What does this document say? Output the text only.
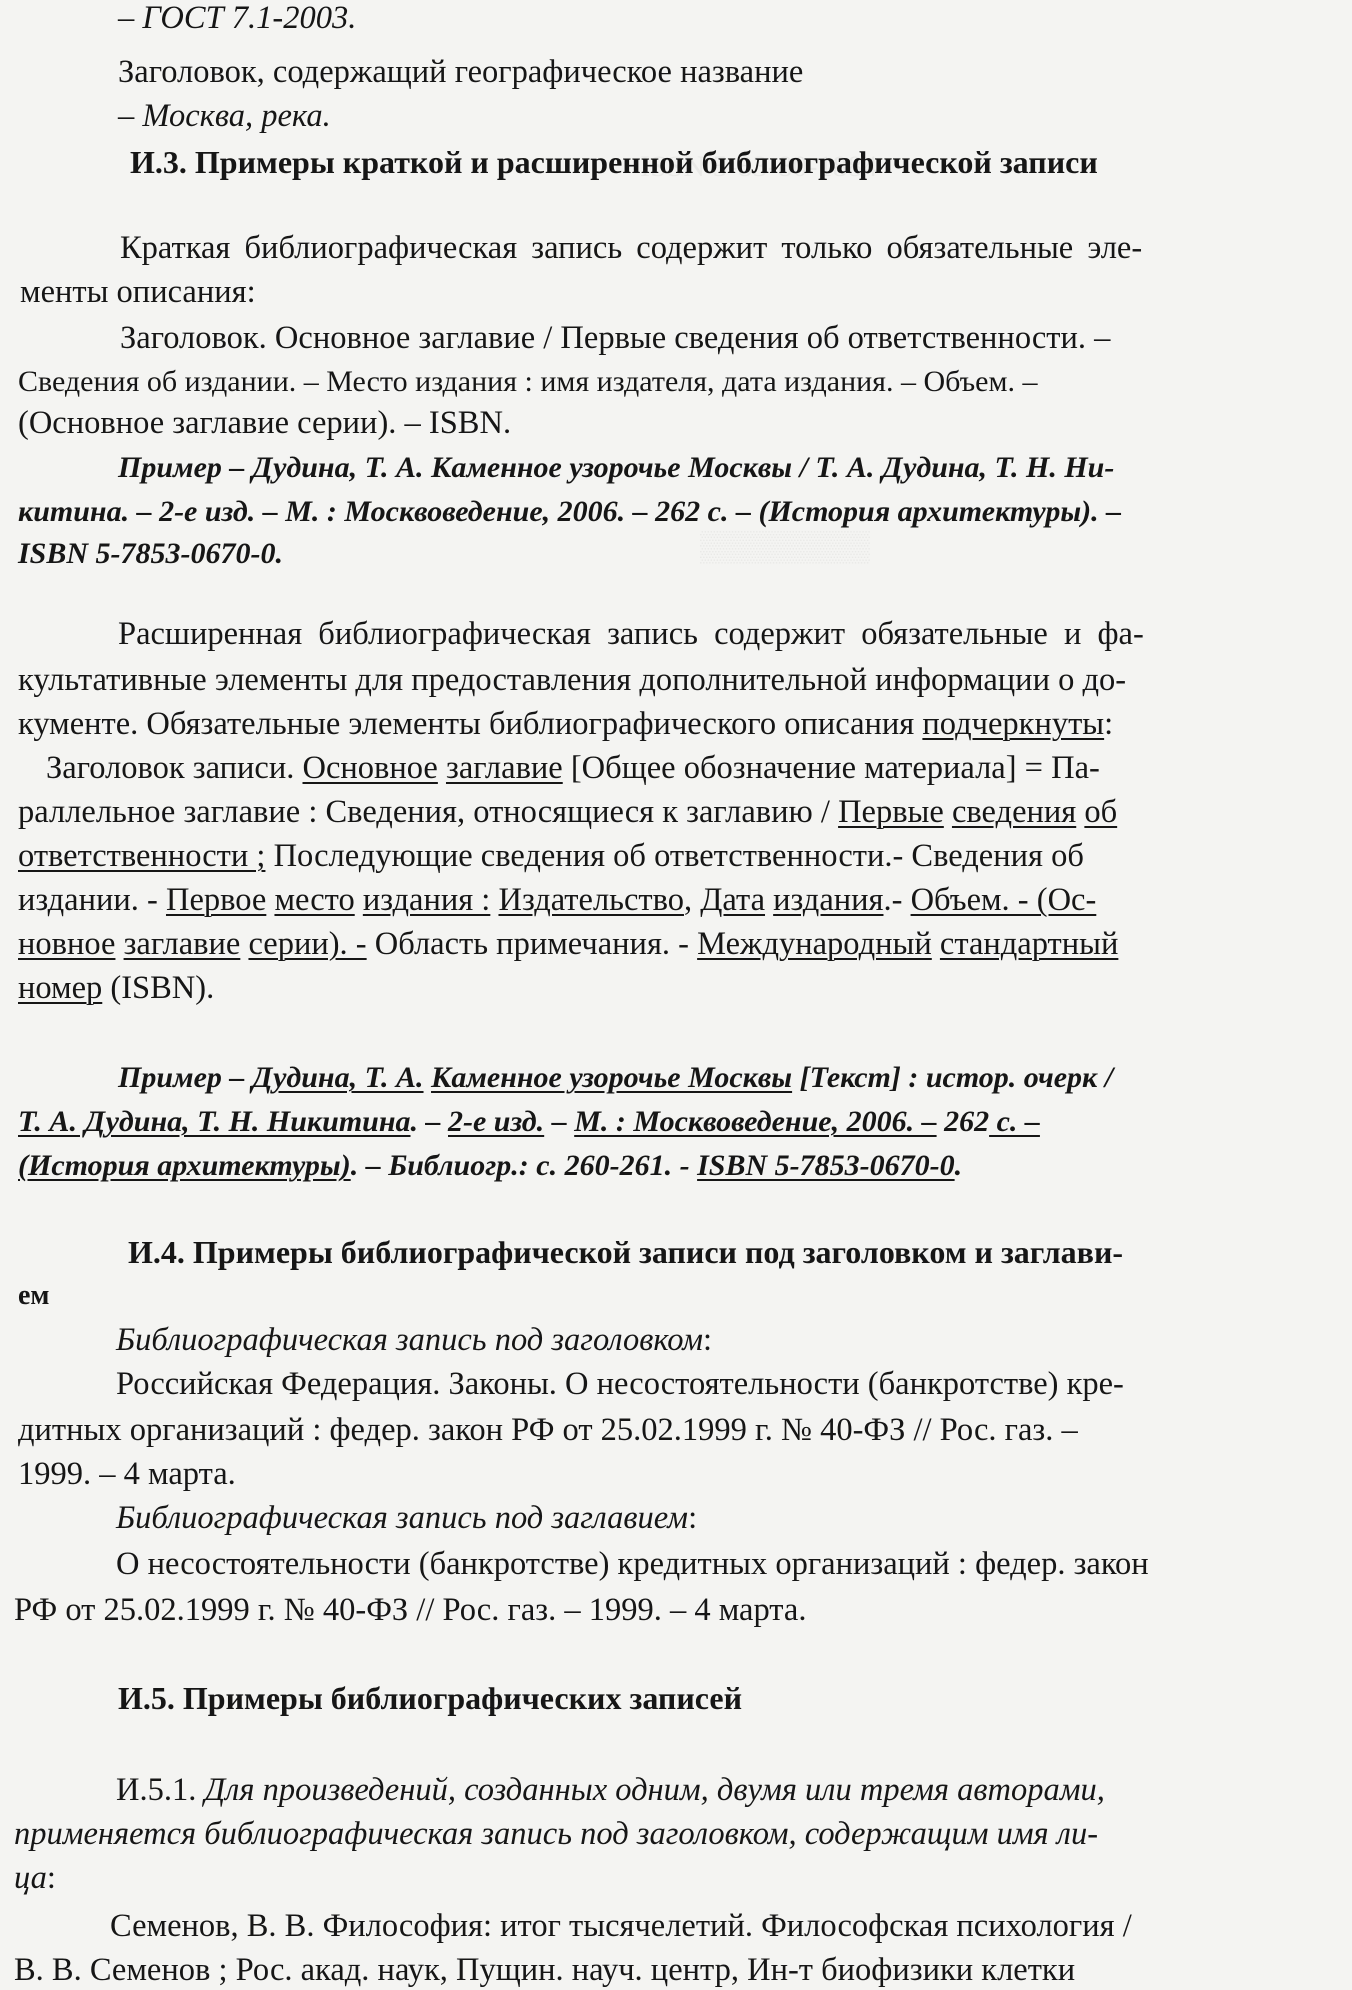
– ГОСТ 7.1-2003.
Заголовок, содержащий географическое название
– Москва, река.
И.3. Примеры краткой и расширенной библиографической записи
Краткая библиографическая запись содержит только обязательные эле-
менты описания:
Заголовок. Основное заглавие / Первые сведения об ответственности. –
Сведения об издании. – Место издания : имя издателя, дата издания. – Объем. –
(Основное заглавие серии). – ISBN.
Пример – Дудина, Т. А. Каменное узорочье Москвы / Т. А. Дудина, Т. Н. Ни-
китина. – 2-е изд. – М. : Москвоведение, 2006. – 262 с. – (История архитектуры). –
ISBN 5-7853-0670-0.
Расширенная библиографическая запись содержит обязательные и фа-
культативные элементы для предоставления дополнительной информации о до-
кументе. Обязательные элементы библиографического описания подчеркнуты:
Заголовок записи. Основное заглавие [Общее обозначение материала] = Па-
раллельное заглавие : Сведения, относящиеся к заглавию / Первые сведения об
ответственности ; Последующие сведения об ответственности.- Сведения об
издании. - Первое место издания : Издательство, Дата издания.- Объем. - (Ос-
новное заглавие серии). - Область примечания. - Международный стандартный
номер (ISBN).
Пример – Дудина, Т. А. Каменное узорочье Москвы [Текст] : истор. очерк /
Т. А. Дудина, Т. Н. Никитина. – 2-е изд. – М. : Москвоведение, 2006. – 262 с. –
(История архитектуры). – Библиогр.: с. 260-261. - ISBN 5-7853-0670-0.
И.4. Примеры библиографической записи под заголовком и заглави-
ем
Библиографическая запись под заголовком:
Российская Федерация. Законы. О несостоятельности (банкротстве) кре-
дитных организаций : федер. закон РФ от 25.02.1999 г. № 40-ФЗ // Рос. газ. –
1999. – 4 марта.
Библиографическая запись под заглавием:
О несостоятельности (банкротстве) кредитных организаций : федер. закон
РФ от 25.02.1999 г. № 40-ФЗ // Рос. газ. – 1999. – 4 марта.
И.5. Примеры библиографических записей
И.5.1. Для произведений, созданных одним, двумя или тремя авторами,
применяется библиографическая запись под заголовком, содержащим имя ли-
ца:
Семенов, В. В. Философия: итог тысячелетий. Философская психология /
В. В. Семенов ; Рос. акад. наук, Пущин. науч. центр, Ин-т биофизики клетки
